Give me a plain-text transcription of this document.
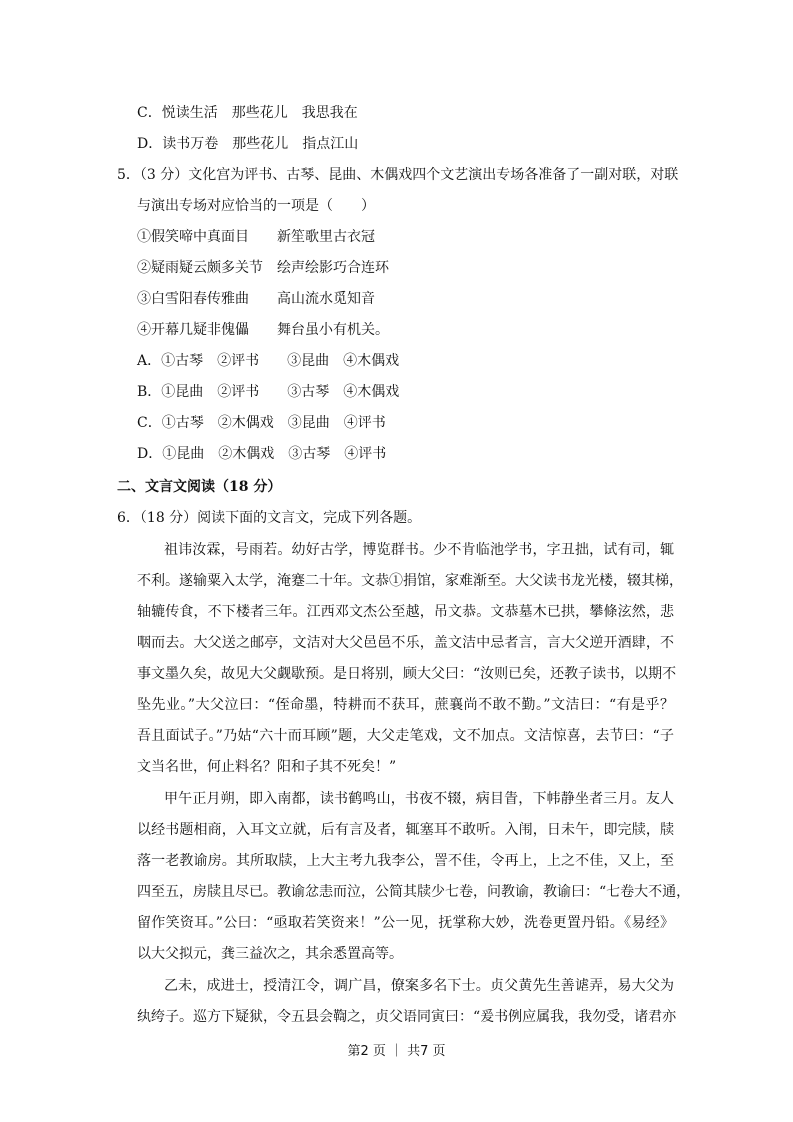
C．悦读生活　那些花儿　我思我在
D．读书万卷　那些花儿　指点江山
5．（3 分）文化宫为评书、古琴、昆曲、木偶戏四个文艺演出专场各准备了一副对联，对联
与演出专场对应恰当的一项是（　　）
①假笑啼中真面目　　新笙歌里古衣冠
②疑雨疑云颇多关节　绘声绘影巧合连环
③白雪阳春传雅曲　　高山流水觅知音
④开幕几疑非傀儡　　舞台虽小有机关。
A．①古琴　②评书　　③昆曲　④木偶戏
B．①昆曲　②评书　　③古琴　④木偶戏
C．①古琴　②木偶戏　③昆曲　④评书
D．①昆曲　②木偶戏　③古琴　④评书
二、文言文阅读（18 分）
6．（18 分）阅读下面的文言文，完成下列各题。
祖讳汝霖，号雨若。幼好古学，博览群书。少不肯临池学书，字丑拙，试有司，辄
不利。遂输粟入太学，淹蹇二十年。文恭①捐馆，家难渐至。大父读书龙光楼，辍其梯，
轴辘传食，不下楼者三年。江西邓文杰公至越，吊文恭。文恭墓木已拱，攀條泫然，悲
咽而去。大父送之邮亭，文洁对大父邑邑不乐，盖文洁中忌者言，言大父逆开酒肆，不
事文墨久矣，故见大父觑歇预。是日将别，顾大父曰：“汝则已矣，还教子读书，以期不
坠先业。”大父泣曰：“侄命墨，特耕而不获耳，蔗襄尚不敢不勤。”文洁曰：“有是乎？
吾且面试子。”乃姑“六十而耳顾”题，大父走笔戏，文不加点。文洁惊喜，去节曰：“子
文当名世，何止料名？阳和子其不死矣！”
甲午正月朔，即入南都，读书鹤鸣山，书夜不辍，病目眚，下帏静坐者三月。友人
以经书题相商，入耳文立就，后有言及者，辄塞耳不敢听。入闱，日未午，即完牍，牍
落一老教谕房。其所取牍，上大主考九我李公，詈不佳，令再上，上之不佳，又上，至
四至五，房牍且尽已。教谕忿恚而泣，公简其牍少七卷，问教谕，教谕曰：“七卷大不通，
留作笑资耳。”公曰：“亟取若笑资来！”公一见，抚掌称大妙，洗卷更置丹铅。《易经》
以大父拟元，龚三益次之，其余悉置高等。
乙未，成进士，授清江令，调广昌，僚案多名下士。贞父黄先生善谑弄，易大父为
纨绔子。巡方下疑狱，令五县会鞫之，贞父语同寅曰：“爰书例应属我，我勿受，诸君亦
第2 页 ｜ 共7 页
